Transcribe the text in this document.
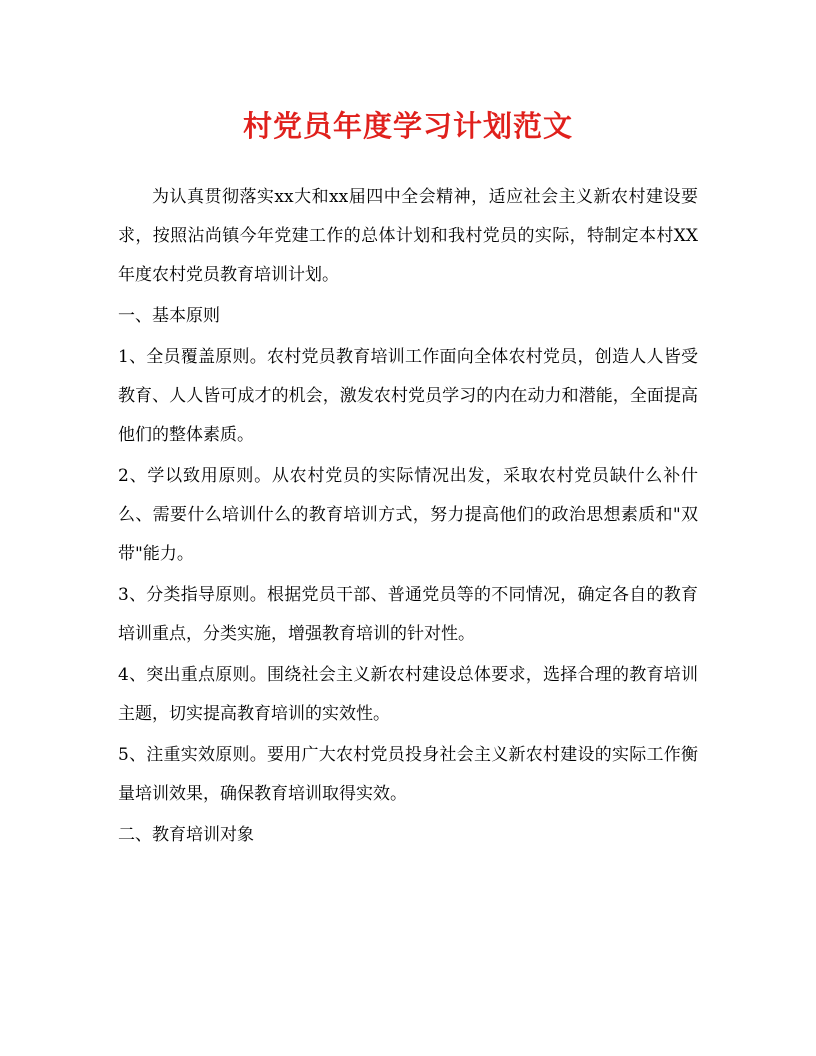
村党员年度学习计划范文

为认真贯彻落实xx大和xx届四中全会精神，适应社会主义新农村建设要求，按照沾尚镇今年党建工作的总体计划和我村党员的实际，特制定本村XX年度农村党员教育培训计划。

一、基本原则

1、全员覆盖原则。农村党员教育培训工作面向全体农村党员，创造人人皆受教育、人人皆可成才的机会，激发农村党员学习的内在动力和潜能，全面提高他们的整体素质。

2、学以致用原则。从农村党员的实际情况出发，采取农村党员缺什么补什么、需要什么培训什么的教育培训方式，努力提高他们的政治思想素质和"双带"能力。

3、分类指导原则。根据党员干部、普通党员等的不同情况，确定各自的教育培训重点，分类实施，增强教育培训的针对性。

4、突出重点原则。围绕社会主义新农村建设总体要求，选择合理的教育培训主题，切实提高教育培训的实效性。

5、注重实效原则。要用广大农村党员投身社会主义新农村建设的实际工作衡量培训效果，确保教育培训取得实效。

二、教育培训对象
